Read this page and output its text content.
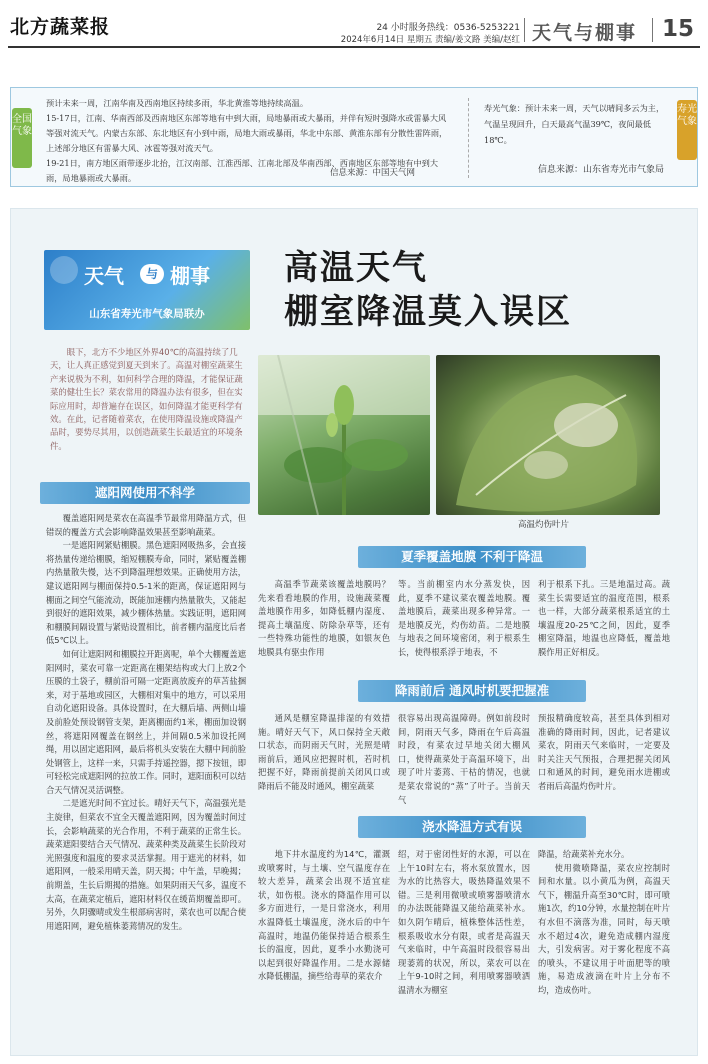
北方蔬菜报	24 小时服务热线：0536-5253221
2024年6月14日 星期五 责编/姜文路 美编/赵红 天气与棚事 15
全国气象

预计未来一周，江南华南及西南地区持续多雨，华北黄淮等地持续高温。

15-17日，江南、华南西部及西南地区东部等地有中到大雨，局地暴雨或大暴雨，并伴有短时强降水或雷暴大风等强对流天气。内蒙古东部、东北地区有小到中雨，局地大雨或暴雨，华北中东部、黄淮东部有分散性雷阵雨，上述部分地区有雷暴大风、冰雹等强对流天气。

19-21日，南方地区雨带逐步北抬，江汉南部、江淮西部、江南北部及华南西部、西南地区东部等地有中到大雨，局地暴雨或大暴雨。	信息来源：中国天气网
寿光气象：预计未来一周，天气以晴间多云为主，气温呈现回升，白天最高气温39℃，夜间最低18℃。
信息来源：山东省寿光市气象局
寿光气象
天气	与 棚事
山东省寿光市气象局联办
高温天气
棚室降温莫入误区
眼下，北方不少地区外界40℃的高温持续了几天，让人真正感觉到夏天到来了。高温对棚室蔬菜生产来说极为不利，如何科学合理的降温，才能保证蔬菜的健壮生长？菜农常用的降温办法有很多，但在实际应用时，却普遍存在误区，如何降温才能更科学有效。在此，记者随着菜农，在使用降温设施或降温产品时，要势尽其用，以创造蔬菜生长最适宜的环境条件。
高温灼伤叶片
遮阳网使用不科学

覆盖遮阳网是菜农在高温季节最常用降温方式，但错误的覆盖方式会影响降温效果甚至影响蔬菜。

一是遮阳网紧贴棚膜。黑色遮阳网吸热多，会直接将热量传递给棚膜，缩短棚膜寿命，同时，紧贴覆盖棚内热量散失慢，达不到降温理想效果。正确使用方法，建议遮阳网与棚面保持0.5-1米的距离，保证遮阳网与棚面之间空气能流动，既能加速棚内热量散失，又能起到很好的遮阳效果，减少棚体热量。实践证明，遮阳网和棚膜间隔设置与紧贴设置相比，前者棚内温度比后者低5℃以上。

如何让遮阳网和棚膜拉开距离呢，单个大棚覆盖遮阳网时，菜农可靠一定距离在棚架结构或大门上放2个压膜的土袋子，棚前沿可隔一定距离放废弃的草苫盐捆来，对于基地或园区，大棚相对集中的地方，可以采用自动化遮阳设备。具体设置时，在大棚后墙、两侧山墙及前脸处预设钢管支架，距离棚面约1米，棚面加设钢丝，将遮阳网覆盖在钢丝上，并间隔0.5米加设托网绳，用以固定遮阳网，最后将机头安装在大棚中间前脸处钢管上，这样一来，只需手持遥控器，摁下按钮，即可轻松完成遮阳网的拉放工作。同时，遮阳面积可以结合天气情况灵活调整。

二是遮光时间不宜过长。晴好天气下，高温强光是主旋律，但菜农不宜全天覆盖遮阳网，因为覆盖时间过长，会影响蔬菜的光合作用，不利于蔬菜的正常生长。蔬菜遮阳要结合天气情况、蔬菜种类及蔬菜生长阶段对光照强度和温度的要求灵活掌握。用于遮光的材料，如遮阳网，一般采用晴天盖，阴天揭；中午盖，早晚揭；前期盖，生长后期揭的措施。如果阴雨天气多，温度不太高，在蔬菜定植后，遮阳材料仅在缓苗期覆盖即可。另外，久阴骤晴或发生根部病害时，菜农也可以配合使用遮阳网，避免植株萎蔫情况的发生。

夏季覆盖地膜 不利于降温

高温季节蔬菜该覆盖地膜吗？先来看看地膜的作用，设施蔬菜覆盖地膜作用多，如降低棚内湿度、提高土壤温度、防除杂草等，还有一些特殊功能性的地膜，如银灰色地膜具有驱虫作用

等。当前棚室内水分蒸发快，因此，夏季不建议菜农覆盖地膜。覆盖地膜后，蔬菜出现多种异常。一是地膜反光，灼伤幼苗。二是地膜与地表之间环境密闭，利于根系生长，使得根系浮于地表，不

利于根系下扎。三是地温过高。蔬菜生长需要适宜的温度范围，根系也一样，大部分蔬菜根系适宜的土壤温度20-25℃之间，因此，夏季棚室降温，地温也应降低，覆盖地膜作用正好相反。

降雨前后 通风时机要把握准

通风是棚室降温排湿的有效措施。晴好天气下，风口保持全天敞口状态，而阴雨天气时，光照是晴雨前后，通风应把握时机，若时机把握不好，降雨前提前关闭风口或降雨后不能及时通风，棚室蔬菜

很容易出现高温障碍。例如前段时间，阴雨天气多，降雨在午后高温时段，有菜农过早地关闭大棚风口，使得蔬菜处于高温环境下，出现了叶片萎蔫、干枯的情况，也就是菜农常说的“蒸”了叶子。当前天气

预报精确度较高，甚至具体到相对准确的降雨时间，因此，记者建议菜农，阴雨天气来临时，一定要及时关注天气预报，合理把握关闭风口和通风的时间，避免雨水进棚或者雨后高温灼伤叶片。

浇水降温方式有误

地下井水温度约为14℃，灌溉或喷雾时，与土壤、空气温度存在较大差异，蔬菜会出现不适宜症状，如伤根。浇水的降温作用可以多方面进行，一是日常浇水，利用水温降低土壤温度，浇水后的中午高温时，地温仍能保持适合根系生长的温度，因此，夏季小水勤浇可以起到很好降温作用。二是水源储水降低棚温，摘些给毒草的菜农介

绍，对于密闭性好的水源，可以在上午10时左右，将水泵放置水，因为水的比热容大，吸热降温效果不错。三是利用微喷或喷雾器喷清水的办法既能降温又能给蔬菜补水。如久阴乍晴后，植株整体活性差，根系吸收水分有限，或者是高温天气来临时，中午高温时段很容易出现萎蔫的状况，所以，菜农可以在上午9-10时之间，利用喷雾器喷洒温清水为棚室

降温，给蔬菜补充水分。

使用微喷降温，菜农应控制时间和水量。以小黄瓜为例，高温天气下，棚温升高至30℃时，即可喷施1次，约10分钟，水量控制在叶片有水但不滴落为准，同时，每天喷水不超过4次，避免造成棚内湿度大，引发病害。对于雾化程度不高的喷头，不建议用于叶面肥等的喷施，易造成液滴在叶片上分布不均，造成伤叶。
